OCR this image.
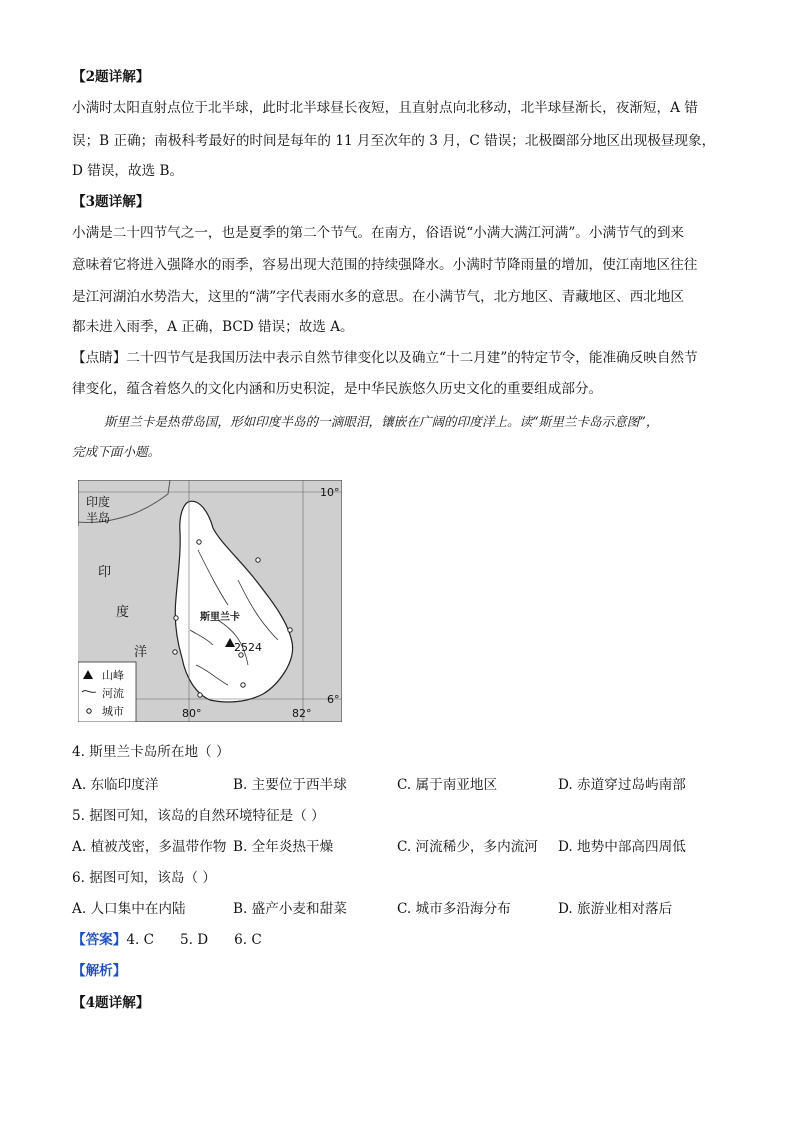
【2题详解】
小满时太阳直射点位于北半球，此时北半球昼长夜短，且直射点向北移动，北半球昼渐长，夜渐短，A 错
误；B 正确；南极科考最好的时间是每年的 11 月至次年的 3 月，C 错误；北极圈部分地区出现极昼现象，
D 错误，故选 B。
【3题详解】
小满是二十四节气之一，也是夏季的第二个节气。在南方，俗语说“小满大满江河满”。小满节气的到来
意味着它将进入强降水的雨季，容易出现大范围的持续强降水。小满时节降雨量的增加，使江南地区往往
是江河湖泊水势浩大，这里的“满”字代表雨水多的意思。在小满节气，北方地区、青藏地区、西北地区
都未进入雨季，A 正确，BCD 错误；故选 A。
【点睛】二十四节气是我国历法中表示自然节律变化以及确立“十二月建”的特定节令，能准确反映自然节
律变化，蕴含着悠久的文化内涵和历史积淀，是中华民族悠久历史文化的重要组成部分。
斯里兰卡是热带岛国，形如印度半岛的一滴眼泪，镶嵌在广阔的印度洋上。读“斯里兰卡岛示意图”，
完成下面小题。
印度
半岛
印
度
洋
斯里兰卡
2524
10°
6°
80°	82°
山峰
河流
城市
4. 斯里兰卡岛所在地（ ）
A. 东临印度洋	B. 主要位于西半球	C. 属于南亚地区	D. 赤道穿过岛屿南部
5. 据图可知，该岛的自然环境特征是（ ）
A. 植被茂密，多温带作物 B. 全年炎热干燥	C. 河流稀少，多内流河 D. 地势中部高四周低
6. 据图可知，该岛（ ）
A. 人口集中在内陆	B. 盛产小麦和甜菜	C. 城市多沿海分布	D. 旅游业相对落后
【答案】4. C      5. D      6. C
【解析】
【4题详解】
